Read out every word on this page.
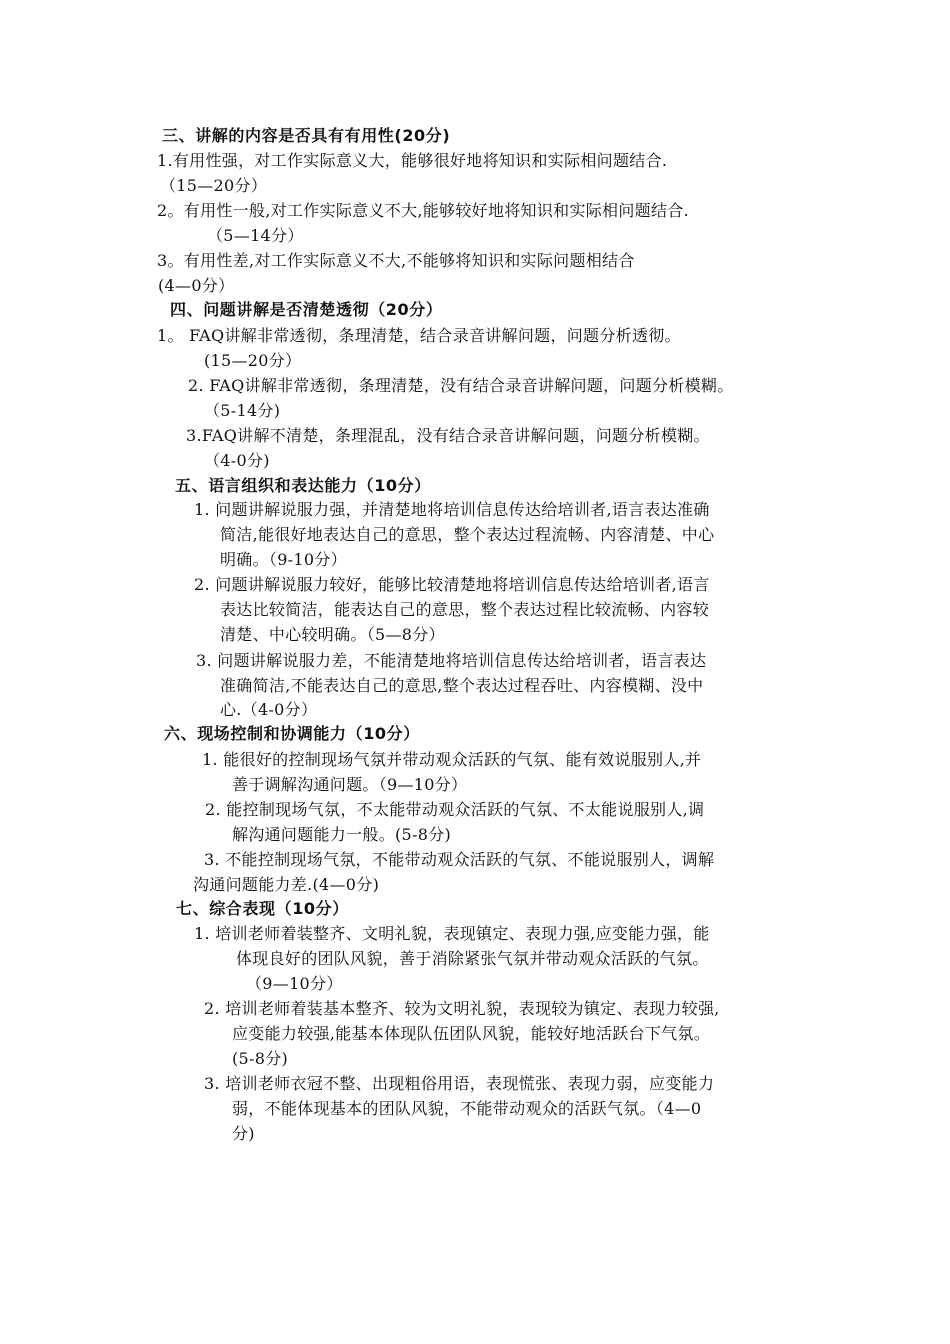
三、讲解的内容是否具有有用性(20分)
1.有用性强，对工作实际意义大，能够很好地将知识和实际相问题结合.
（15—20分）
2。有用性一般,对工作实际意义不大,能够较好地将知识和实际相问题结合.
（5—14分）
3。有用性差,对工作实际意义不大,不能够将知识和实际问题相结合
(4—0分）
四、问题讲解是否清楚透彻（20分）
1。 FAQ讲解非常透彻，条理清楚，结合录音讲解问题，问题分析透彻。
(15—20分）
2. FAQ讲解非常透彻，条理清楚，没有结合录音讲解问题，问题分析模糊。
（5-14分)
3.FAQ讲解不清楚，条理混乱，没有结合录音讲解问题，问题分析模糊。
（4-0分)
五、语言组织和表达能力（10分）
1. 问题讲解说服力强，并清楚地将培训信息传达给培训者,语言表达准确
简洁,能很好地表达自己的意思，整个表达过程流畅、内容清楚、中心
明确。（9-10分）
2. 问题讲解说服力较好，能够比较清楚地将培训信息传达给培训者,语言
表达比较简洁，能表达自己的意思，整个表达过程比较流畅、内容较
清楚、中心较明确。（5—8分）
3. 问题讲解说服力差，不能清楚地将培训信息传达给培训者，语言表达
准确简洁,不能表达自己的意思,整个表达过程吞吐、内容模糊、没中
心.（4-0分）
六、现场控制和协调能力（10分）
1. 能很好的控制现场气氛并带动观众活跃的气氛、能有效说服别人,并
善于调解沟通问题。（9—10分）
2. 能控制现场气氛，不太能带动观众活跃的气氛、不太能说服别人,调
解沟通问题能力一般。(5-8分)
3. 不能控制现场气氛，不能带动观众活跃的气氛、不能说服别人，调解
沟通问题能力差.(4—0分)
七、综合表现（10分）
1. 培训老师着装整齐、文明礼貌，表现镇定、表现力强,应变能力强，能
体现良好的团队风貌，善于消除紧张气氛并带动观众活跃的气氛。
（9—10分）
2. 培训老师着装基本整齐、较为文明礼貌，表现较为镇定、表现力较强,
应变能力较强,能基本体现队伍团队风貌，能较好地活跃台下气氛。
(5-8分)
3. 培训老师衣冠不整、出现粗俗用语，表现慌张、表现力弱，应变能力
弱，不能体现基本的团队风貌，不能带动观众的活跃气氛。（4—0
分)
